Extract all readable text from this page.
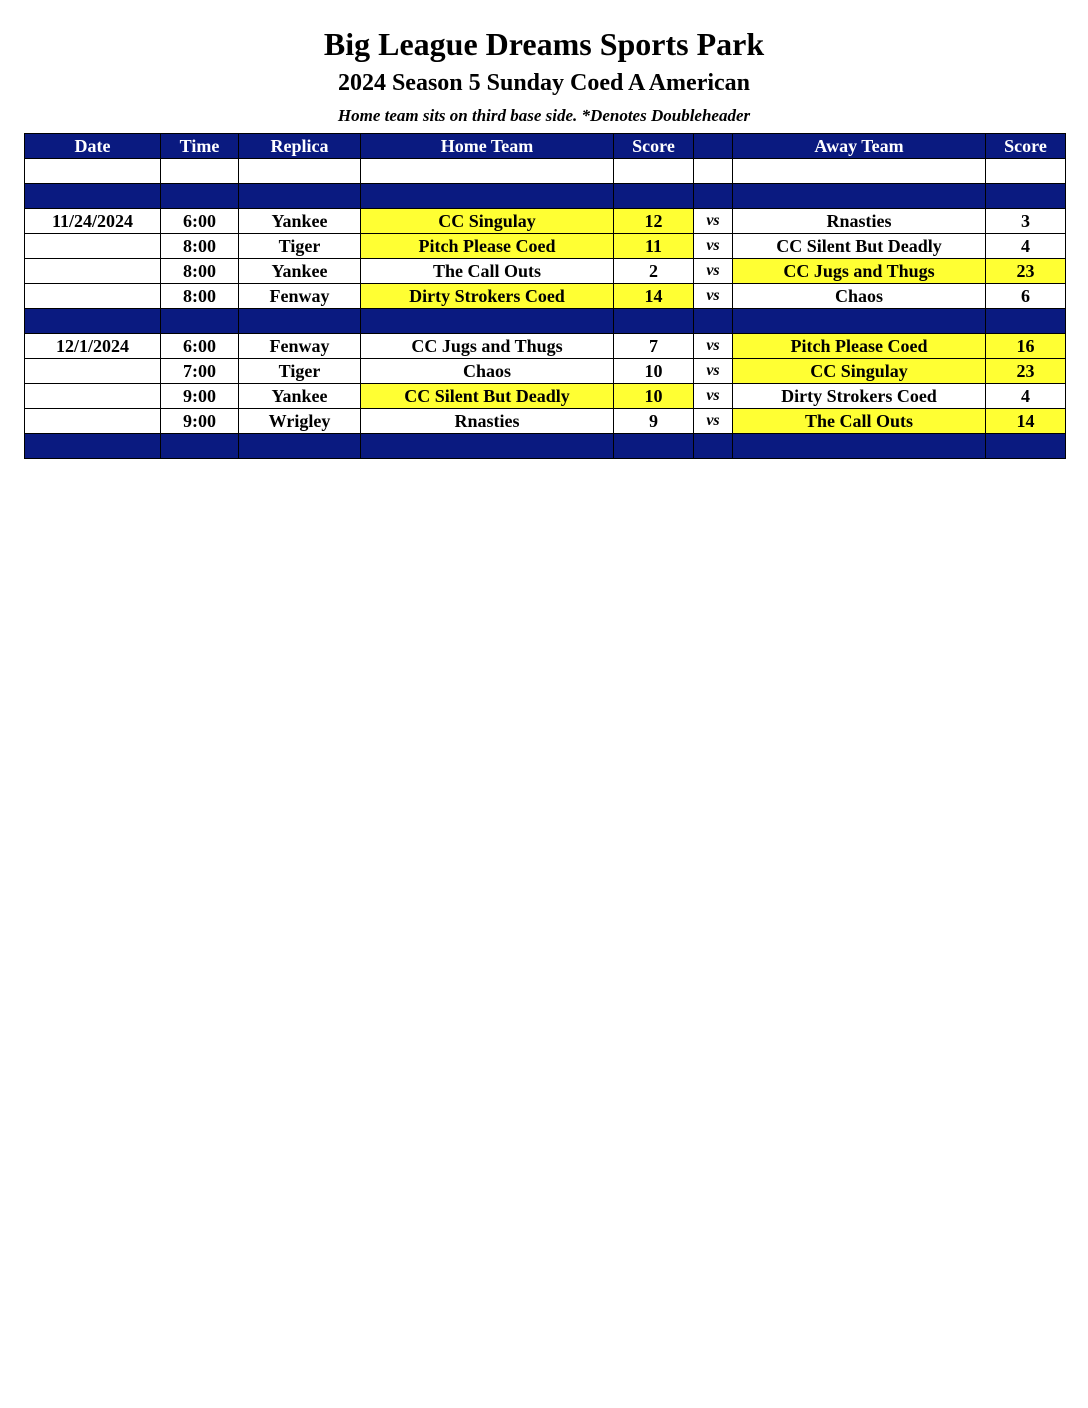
Big League Dreams Sports Park
2024 Season 5 Sunday Coed A American
Home team sits on third base side. *Denotes Doubleheader
Date	Time	Replica	Home Team	Score		Away Team	Score

11/24/2024	6:00	Yankee	CC Singulay	12	vs	Rnasties	3
	8:00	Tiger	Pitch Please Coed	11	vs	CC Silent But Deadly	4
	8:00	Yankee	The Call Outs	2	vs	CC Jugs and Thugs	23
	8:00	Fenway	Dirty Strokers Coed	14	vs	Chaos	6

12/1/2024	6:00	Fenway	CC Jugs and Thugs	7	vs	Pitch Please Coed	16
	7:00	Tiger	Chaos	10	vs	CC Singulay	23
	9:00	Yankee	CC Silent But Deadly	10	vs	Dirty Strokers Coed	4
	9:00	Wrigley	Rnasties	9	vs	The Call Outs	14
